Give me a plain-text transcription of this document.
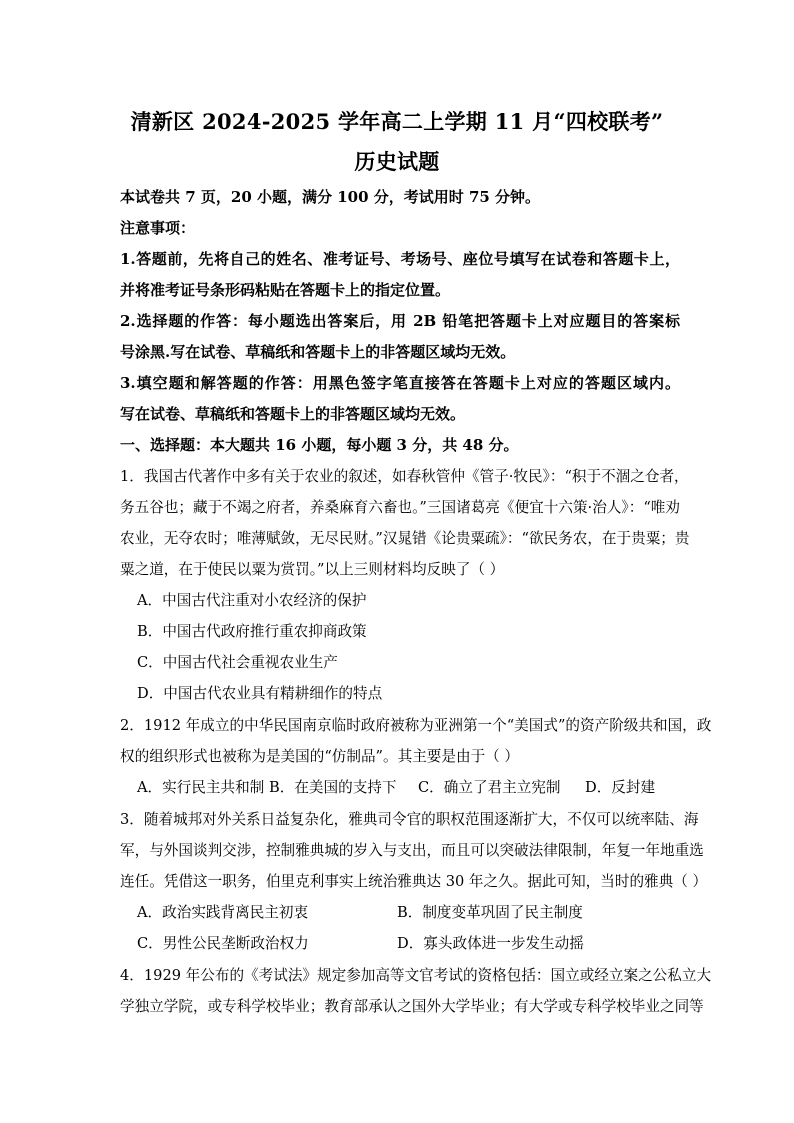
清新区 2024-2025 学年高二上学期 11 月“四校联考”
历史试题
本试卷共 7 页，20 小题，满分 100 分，考试用时 75 分钟。
注意事项：
1.答题前，先将自己的姓名、准考证号、考场号、座位号填写在试卷和答题卡上，
并将准考证号条形码粘贴在答题卡上的指定位置。
2.选择题的作答：每小题选出答案后，用 2B 铅笔把答题卡上对应题目的答案标
号涂黑.写在试卷、草稿纸和答题卡上的非答题区域均无效。
3.填空题和解答题的作答：用黑色签字笔直接答在答题卡上对应的答题区域内。
写在试卷、草稿纸和答题卡上的非答题区域均无效。
一、选择题：本大题共 16 小题，每小题 3 分，共 48 分。
1．我国古代著作中多有关于农业的叙述，如春秋管仲《管子·牧民》：“积于不涸之仓者，
务五谷也；藏于不竭之府者，养桑麻育六畜也。”三国诸葛亮《便宜十六策·治人》：“唯劝
农业，无夺农时；唯薄赋敛，无尽民财。”汉晁错《论贵粟疏》：“欲民务农，在于贵粟；贵
粟之道，在于使民以粟为赏罚。”以上三则材料均反映了（ ）
A．中国古代注重对小农经济的保护
B．中国古代政府推行重农抑商政策
C．中国古代社会重视农业生产
D．中国古代农业具有精耕细作的特点
2．1912 年成立的中华民国南京临时政府被称为亚洲第一个“美国式”的资产阶级共和国，政
权的组织形式也被称为是美国的“仿制品”。其主要是由于（ ）
A．实行民主共和制 B．在美国的支持下 C．确立了君主立宪制 D．反封建
3．随着城邦对外关系日益复杂化，雅典司令官的职权范围逐渐扩大，不仅可以统率陆、海
军，与外国谈判交涉，控制雅典城的岁入与支出，而且可以突破法律限制，年复一年地重选
连任。凭借这一职务，伯里克利事实上统治雅典达 30 年之久。据此可知，当时的雅典（ ）
A．政治实践背离民主初衷	B．制度变革巩固了民主制度
C．男性公民垄断政治权力	D．寡头政体进一步发生动摇
4．1929 年公布的《考试法》规定参加高等文官考试的资格包括：国立或经立案之公私立大
学独立学院，或专科学校毕业；教育部承认之国外大学毕业；有大学或专科学校毕业之同等
